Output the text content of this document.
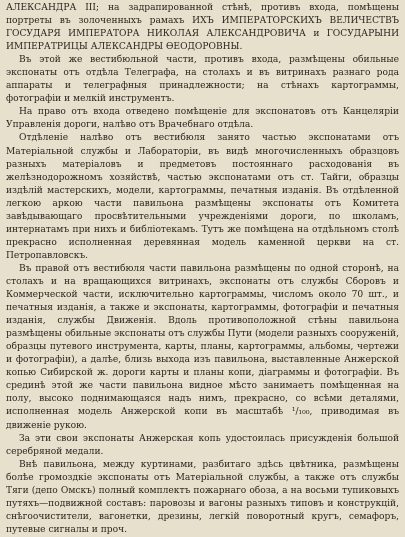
АЛЕКСАНДРА III; на задрапированной стѣнѣ, противъ входа, помѣщены портреты въ золоченныхъ рамахъ ИХЪ ИМПЕРАТОРСКИХЪ ВЕЛИЧЕСТВЪ ГОСУДАРЯ ИМПЕРАТОРА НИКОЛАЯ АЛЕКСАНДРОВИЧА и ГОСУДАРЫНИ ИМПЕРАТРИЦЫ АЛЕКСАНДРЫ ѲЕОДОРОВНЫ.

Въ этой же вестибюльной части, противъ входа, размѣщены обильные экспонаты отъ отдѣла Телеграфа, на столахъ и въ витринахъ разнаго рода аппараты и телеграфныя принадлежности; на стѣнахъ картограммы, фотографіи и мелкій инструментъ.

На право отъ входа отведено помѣщеніе для экспонатовъ отъ Канцеляріи Управленія дороги, налѣво отъ Врачебнаго отдѣла.

Отдѣленіе налѣво отъ вестибюля занято частью экспонатами отъ Матеріальной службы и Лабораторіи, въ видѣ многочисленныхъ образцовъ разныхъ матеріаловъ и предметовъ постояннаго расходованія въ желѣзнодорожномъ хозяйствѣ, частью экспонатами отъ ст. Тайги, образцы издѣлій мастерскихъ, модели, картограммы, печатныя изданія. Въ отдѣленной легкою аркою части павильона размѣщены экспонаты отъ Комитета завѣдывающаго просвѣтительными учрежденіями дороги, по школамъ, интернатамъ при нихъ и библіотекамъ. Тутъ же помѣщена на отдѣльномъ столѣ прекрасно исполненная деревянная модель каменной церкви на ст. Петропавловскъ.

Въ правой отъ вестибюля части павильона размѣщены по одной сторонѣ, на столахъ и на вращающихся витринахъ, экспонаты отъ службы Сборовъ и Коммерческой части, исключительно картограммы, числомъ около 70 шт., и печатныя изданія, а также и экспонаты, картограммы, фотографіи и печатныя изданія, службы Движенія. Вдоль противоположной стѣны павильона размѣщены обильные экспонаты отъ службы Пути (модели разныхъ сооруженій, образцы путевого инструмента, карты, планы, картограммы, альбомы, чертежи и фотографіи), а далѣе, близь выхода изъ павильона, выставленные Анжерской копью Сибирской ж. дороги карты и планы копи, діаграммы и фотографіи. Въ срединѣ этой же части павильона видное мѣсто занимаетъ помѣщенная на полу, высоко поднимающаяся надъ нимъ, прекрасно, со всѣми деталями, исполненная модель Анжерской копи въ масштабѣ ¹/₁₀₀, приводимая въ движеніе рукою.

За эти свои экспонаты Анжерская копь удостоилась присужденія большой серебряной медали.

Внѣ павильона, между куртинами, разбитаго здѣсь цвѣтника, размѣщены болѣе громоздкіе экспонаты отъ Матеріальной службы, а также отъ службы Тяги (депо Омскъ) полный комплектъ пожарнаго обоза, а на восьми тупиковыхъ путяхъ—подвижной составъ: паровозы и вагоны разныхъ типовъ и конструкцій, снѣгоочистители, вагонетки, дрезины, легкій поворотный кругъ, семафоръ, путевые сигналы и проч.
